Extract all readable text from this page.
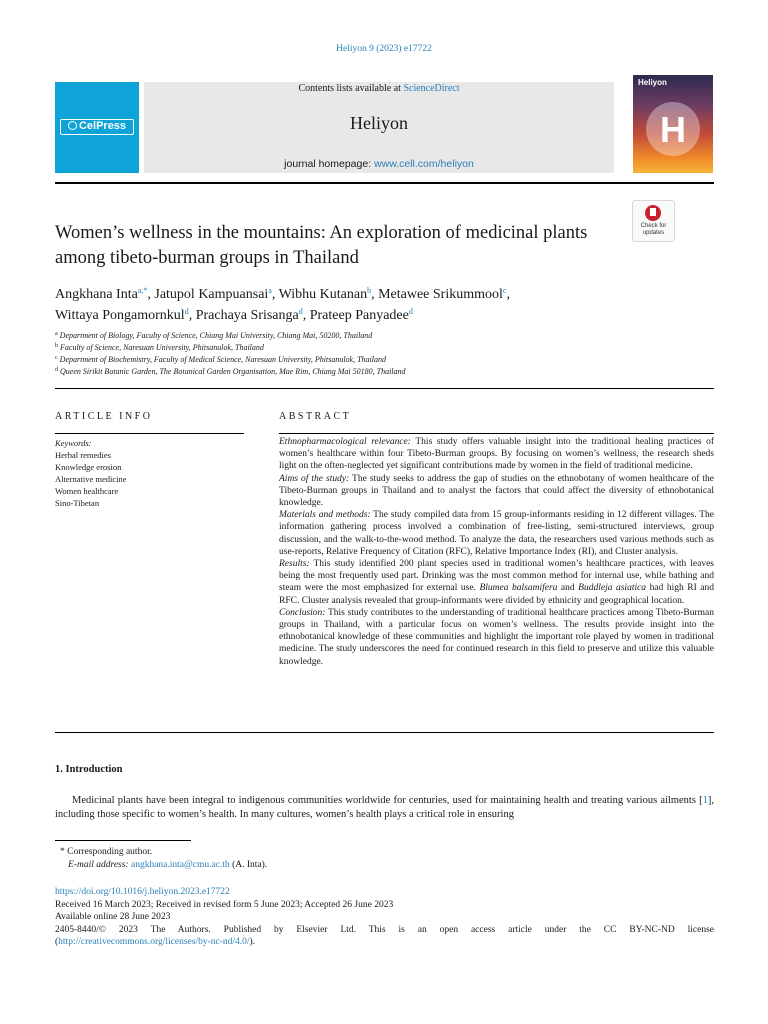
Heliyon 9 (2023) e17722
CelPress
Contents lists available at ScienceDirect
Heliyon
journal homepage: www.cell.com/heliyon
Heliyon
H
Women’s wellness in the mountains: An exploration of medicinal plants among tibeto-burman groups in Thailand
Check for updates
Angkhana Inta$^{a,*}$, Jatupol Kampuansai$^a$, Wibhu Kutanan$^b$, Metawee Srikummool$^c$,
Wittaya Pongamornkul$^d$, Prachaya Srisanga$^d$, Prateep Panyadee$^d$
$^a$ Department of Biology, Faculty of Science, Chiang Mai University, Chiang Mai, 50200, Thailand
$^b$ Faculty of Science, Naresuan University, Phitsanulok, Thailand
$^c$ Department of Biochemistry, Faculty of Medical Science, Naresuan University, Phitsanulok, Thailand
$^d$ Queen Sirikit Botanic Garden, The Botanical Garden Organisation, Mae Rim, Chiang Mai 50180, Thailand
ARTICLE INFO
Keywords:
Herbal remedies
Knowledge erosion
Alternative medicine
Women healthcare
Sino-Tibetan
ABSTRACT

Ethnopharmacological relevance: This study offers valuable insight into the traditional healing practices of women’s healthcare within four Tibeto-Burman groups. By focusing on women’s wellness, the research sheds light on the often-neglected yet significant contributions made by women in the field of traditional medicine.

Aims of the study: The study seeks to address the gap of studies on the ethnobotany of women healthcare of the Tibeto-Burman groups in Thailand and to analyst the factors that could affect the diversity of ethnobotanical knowledge.

Materials and methods: The study compiled data from 15 group-informants residing in 12 different villages. The information gathering process involved a combination of free-listing, semi-structured interviews, group discussion, and the walk-to-the-wood method. To analyze the data, the researchers used various methods such as use-reports, Relative Frequency of Citation (RFC), Relative Importance Index (RI), and Cluster analysis.

Results: This study identified 200 plant species used in traditional women’s healthcare practices, with leaves being the most frequently used part. Drinking was the most common method for internal use, while bathing and steam were the most emphasized for external use. Blumea balsamifera and Buddleja asiatica had high RI and RFC. Cluster analysis revealed that group-informants were divided by ethnicity and geographical location.

Conclusion: This study contributes to the understanding of traditional healthcare practices among Tibeto-Burman groups in Thailand, with a particular focus on women’s wellness. The results provide insight into the ethnobotanical knowledge of these communities and highlight the important role played by women in traditional medicine. The study underscores the need for continued research in this field to preserve and utilize this valuable knowledge.

1. Introduction

Medicinal plants have been integral to indigenous communities worldwide for centuries, used for maintaining health and treating various ailments [1], including those specific to women’s health. In many cultures, women’s health plays a critical role in ensuring

* Corresponding author.
E-mail address: angkhana.inta@cmu.ac.th (A. Inta).
https://doi.org/10.1016/j.heliyon.2023.e17722
Received 16 March 2023; Received in revised form 5 June 2023; Accepted 26 June 2023
Available online 28 June 2023
2405-8440/© 2023 The Authors. Published by Elsevier Ltd. This is an open access article under the CC BY-NC-ND license
(http://creativecommons.org/licenses/by-nc-nd/4.0/).
